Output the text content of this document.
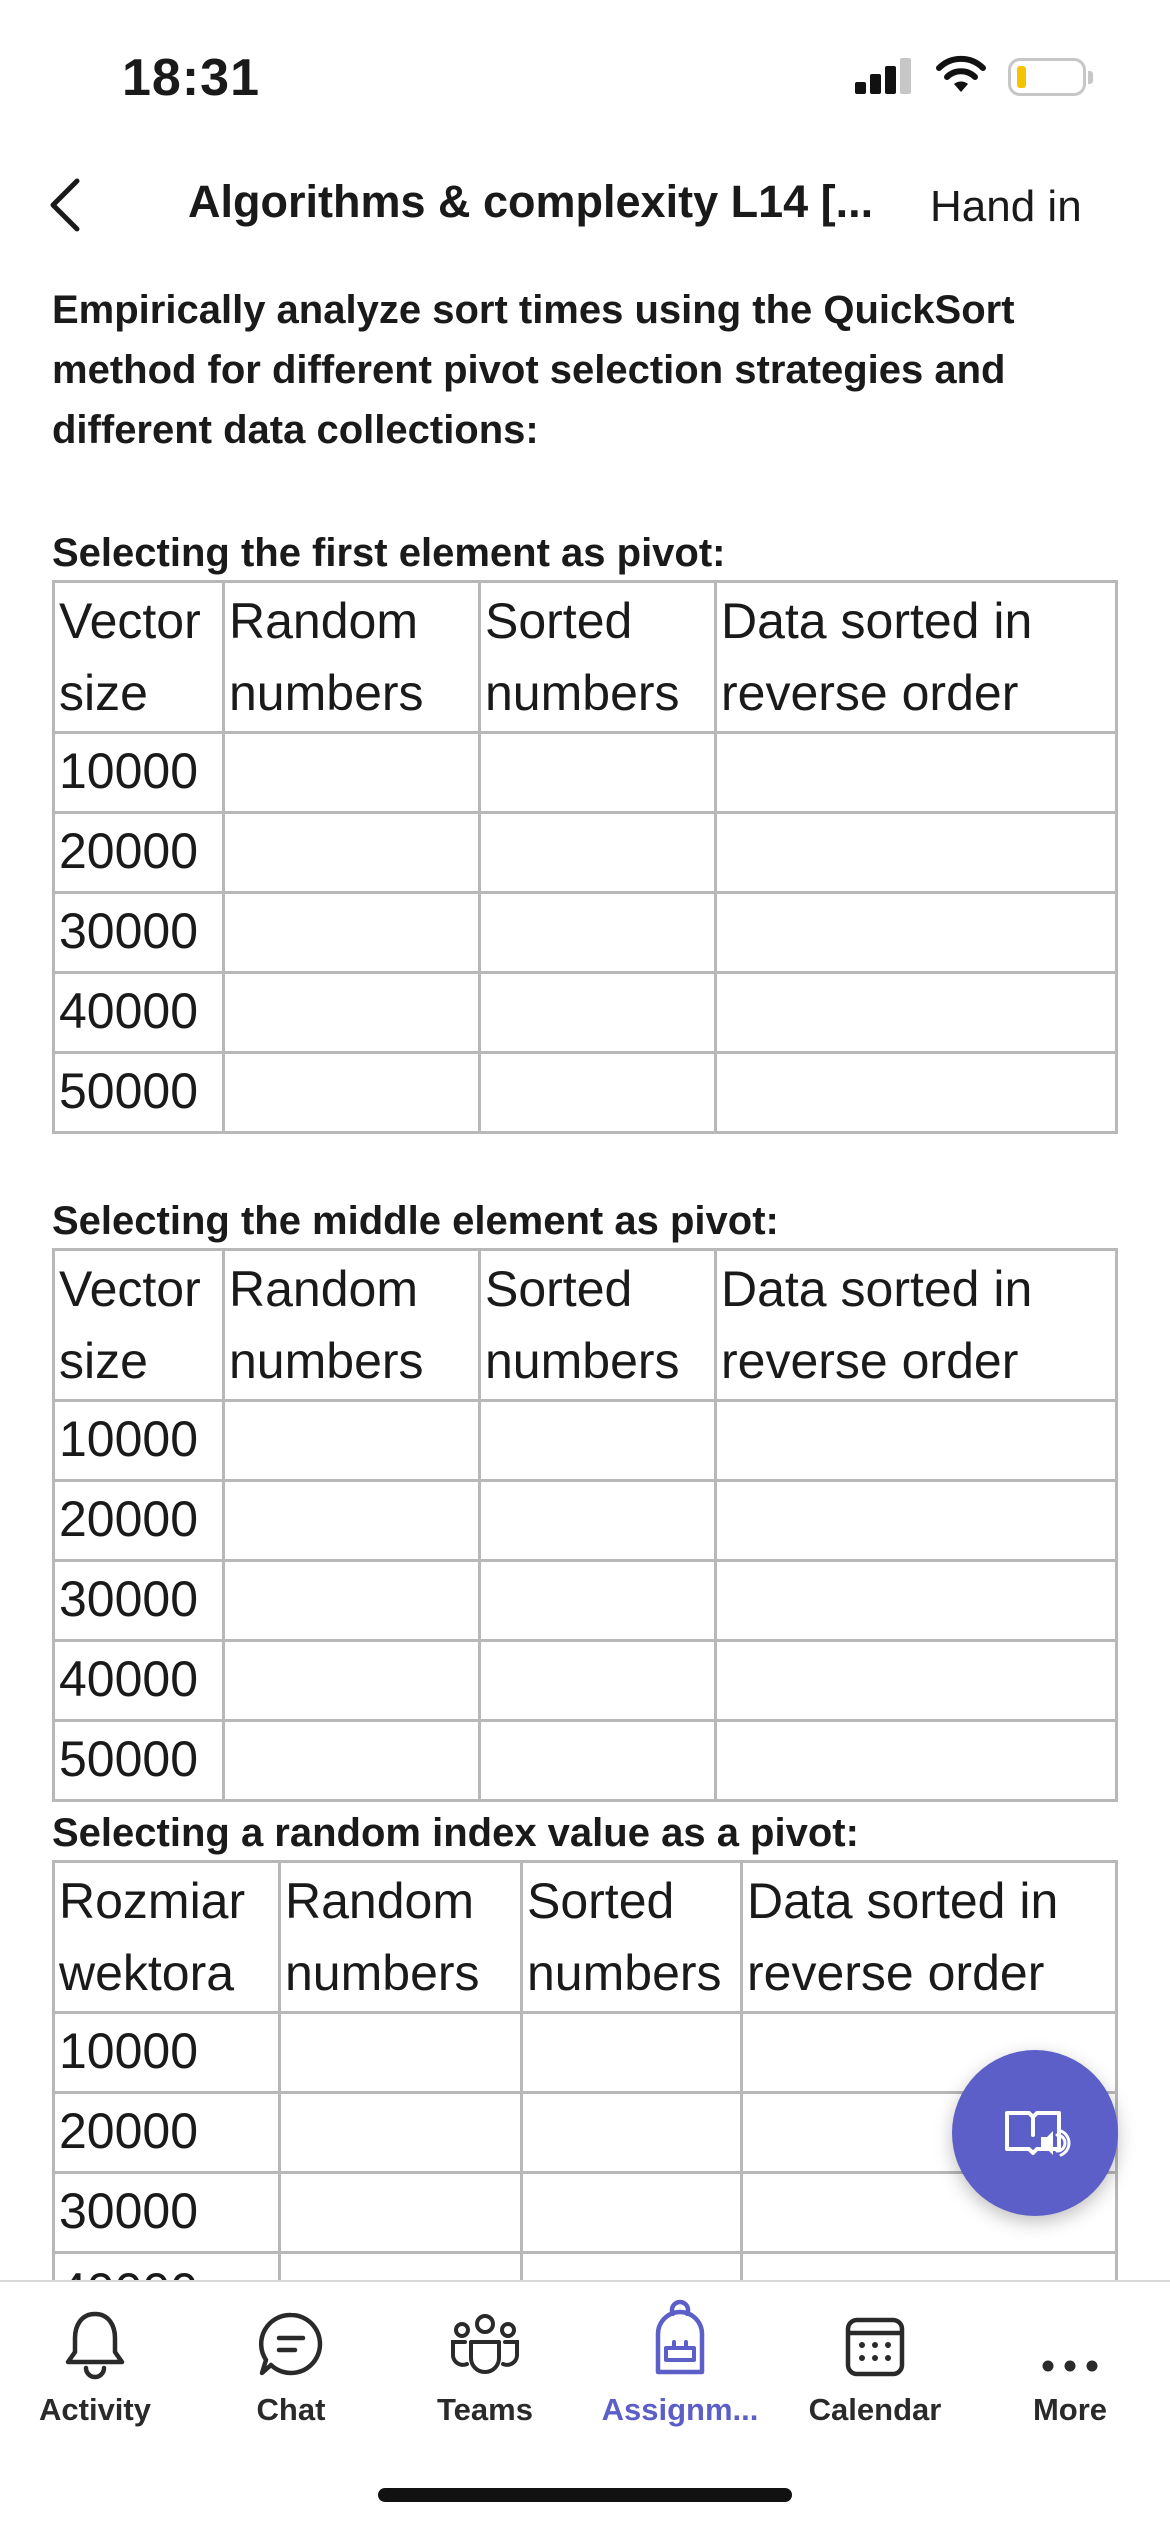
18:31
Algorithms & complexity L14 [...	Hand in

Empirically analyze sort times using the QuickSort method for different pivot selection strategies and different data collections:

Selecting the first element as pivot:

Vector size	Random numbers	Sorted numbers	Data sorted in reverse order
10000			
20000			
30000			
40000			
50000			

Selecting the middle element as pivot:

Vector size	Random numbers	Sorted numbers	Data sorted in reverse order
10000			
20000			
30000			
40000			
50000			

Selecting a random index value as a pivot:

Rozmiar wektora	Random numbers	Sorted numbers	Data sorted in reverse order
10000			
20000			
30000			

Activity	Chat	Teams	Assignm...	Calendar	More
